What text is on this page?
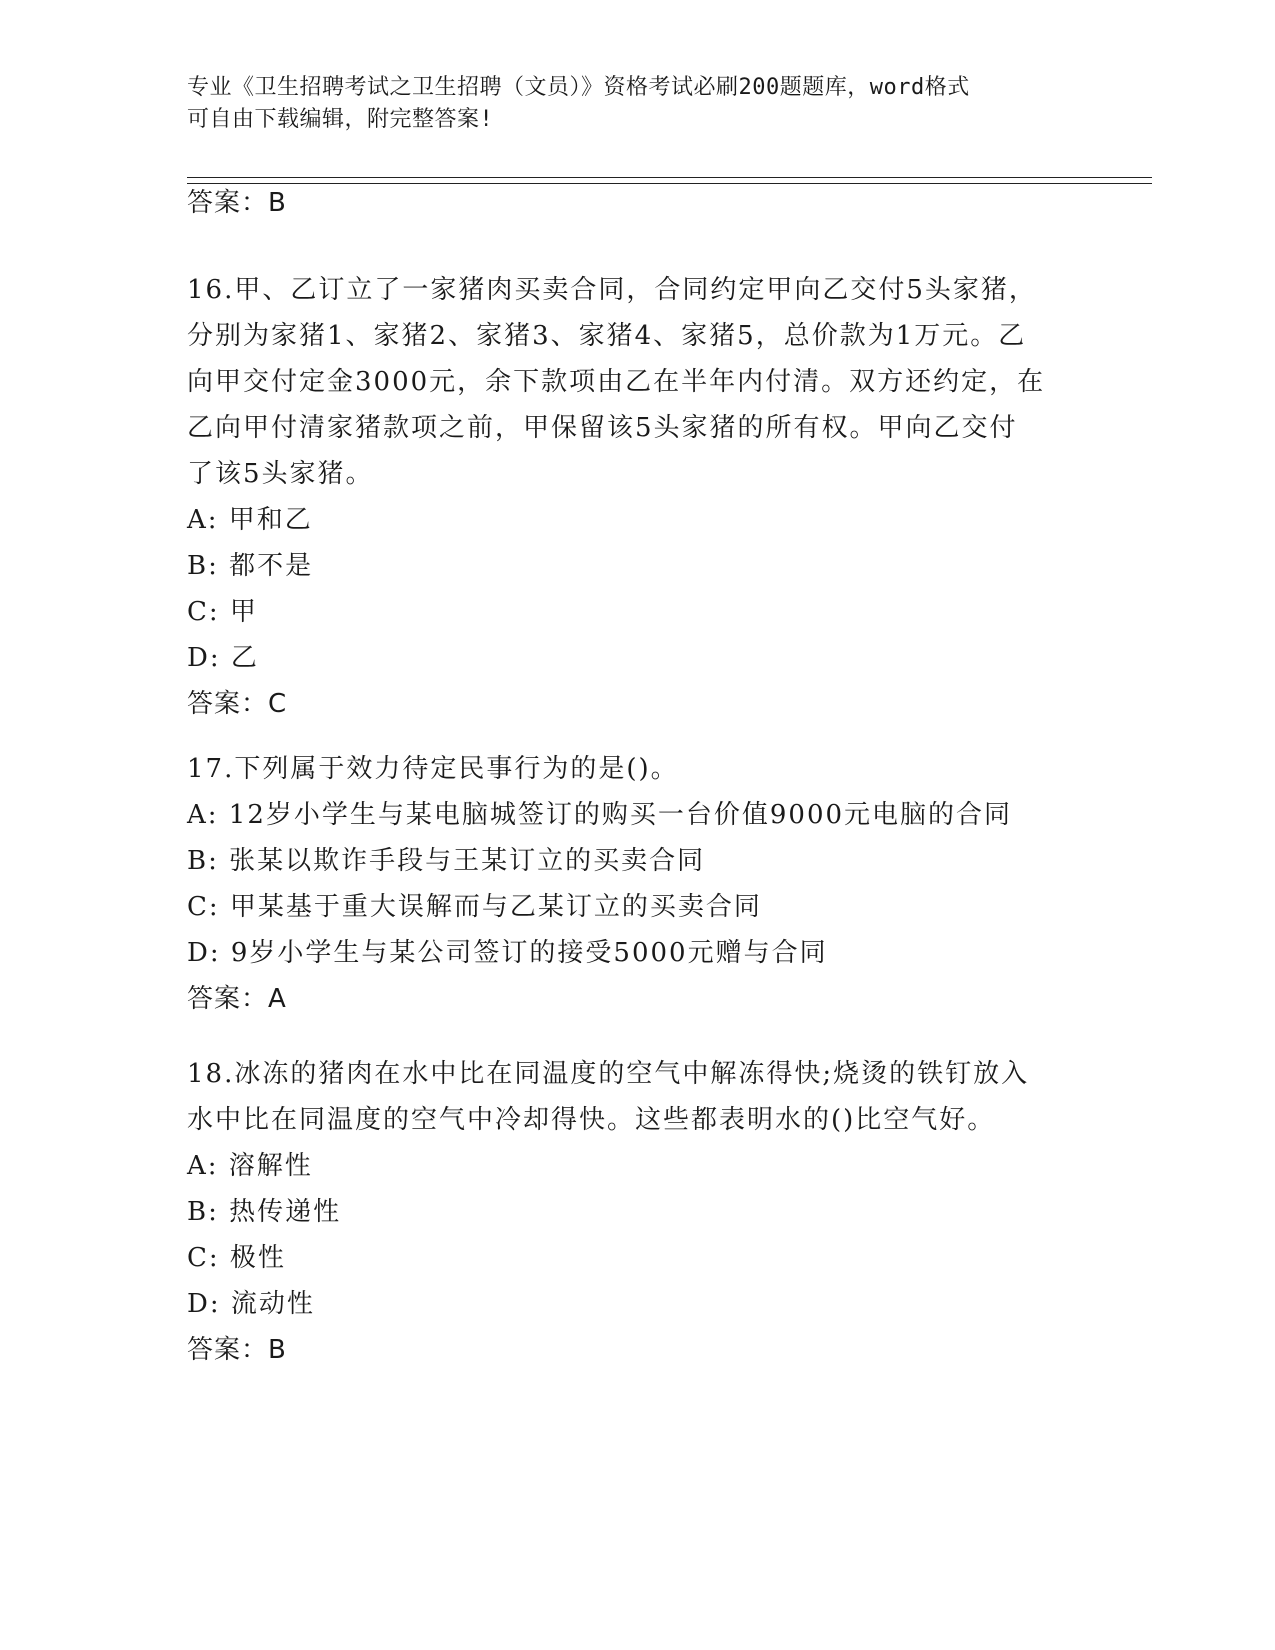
专业《卫生招聘考试之卫生招聘（文员）》资格考试必刷200题题库，word格式
可自由下载编辑，附完整答案!
答案：B
16.甲、乙订立了一家猪肉买卖合同，合同约定甲向乙交付5头家猪，
分别为家猪1、家猪2、家猪3、家猪4、家猪5，总价款为1万元。乙
向甲交付定金3000元，余下款项由乙在半年内付清。双方还约定，在
乙向甲付清家猪款项之前，甲保留该5头家猪的所有权。甲向乙交付
了该5头家猪。
A: 甲和乙
B: 都不是
C: 甲
D: 乙
答案：C
17.下列属于效力待定民事行为的是()。
A: 12岁小学生与某电脑城签订的购买一台价值9000元电脑的合同
B: 张某以欺诈手段与王某订立的买卖合同
C: 甲某基于重大误解而与乙某订立的买卖合同
D: 9岁小学生与某公司签订的接受5000元赠与合同
答案：A
18.冰冻的猪肉在水中比在同温度的空气中解冻得快;烧烫的铁钉放入
水中比在同温度的空气中冷却得快。这些都表明水的()比空气好。
A: 溶解性
B: 热传递性
C: 极性
D: 流动性
答案：B
